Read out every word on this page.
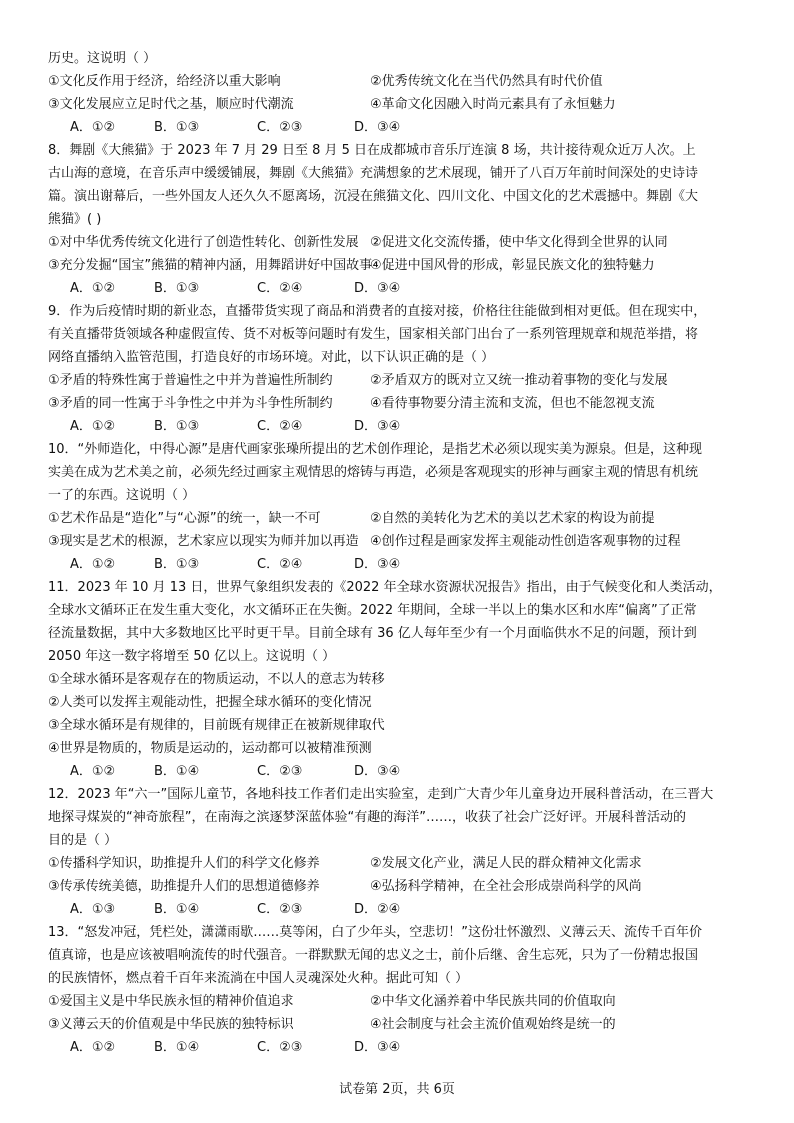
历史。这说明（ ）
①文化反作用于经济，给经济以重大影响	②优秀传统文化在当代仍然具有时代价值
③文化发展应立足时代之基，顺应时代潮流	④革命文化因融入时尚元素具有了永恒魅力
A．①②	B．①③	C．②③	D．③④
8．舞剧《大熊猫》于 2023 年 7 月 29 日至 8 月 5 日在成都城市音乐厅连演 8 场，共计接待观众近万人次。上
古山海的意境，在音乐声中缓缓铺展，舞剧《大熊猫》充满想象的艺术展现，铺开了八百万年前时间深处的史诗诗
篇。演出谢幕后，一些外国友人还久久不愿离场，沉浸在熊猫文化、四川文化、中国文化的艺术震撼中。舞剧《大
熊猫》( )
①对中华优秀传统文化进行了创造性转化、创新性发展 ②促进文化交流传播，使中华文化得到全世界的认同
③充分发掘“国宝”熊猫的精神内涵，用舞蹈讲好中国故事
④促进中国风骨的形成，彰显民族文化的独特魅力
A．①②	B．①③	C．②④	D．③④
9．作为后疫情时期的新业态，直播带货实现了商品和消费者的直接对接，价格往往能做到相对更低。但在现实中，
有关直播带货领域各种虚假宣传、货不对板等问题时有发生，国家相关部门出台了一系列管理规章和规范举措，将
网络直播纳入监管范围，打造良好的市场环境。对此，以下认识正确的是（ ）
①矛盾的特殊性寓于普遍性之中并为普遍性所制约	②矛盾双方的既对立又统一推动着事物的变化与发展
③矛盾的同一性寓于斗争性之中并为斗争性所制约	④看待事物要分清主流和支流，但也不能忽视支流
A．①②	B．①③	C．②④	D．③④
10．“外师造化，中得心源”是唐代画家张璪所提出的艺术创作理论，是指艺术必须以现实美为源泉。但是，这种现
实美在成为艺术美之前，必须先经过画家主观情思的熔铸与再造，必须是客观现实的形神与画家主观的情思有机统
一了的东西。这说明（ ）
①艺术作品是“造化”与“心源”的统一，缺一不可	②自然的美转化为艺术的美以艺术家的构设为前提
③现实是艺术的根源，艺术家应以现实为师并加以再造 ④创作过程是画家发挥主观能动性创造客观事物的过程
A．①②	B．①③	C．②④	D．③④
11．2023 年 10 月 13 日，世界气象组织发表的《2022 年全球水资源状况报告》指出，由于气候变化和人类活动，
全球水文循环正在发生重大变化，水文循环正在失衡。2022 年期间，全球一半以上的集水区和水库“偏离”了正常
径流量数据，其中大多数地区比平时更干旱。目前全球有 36 亿人每年至少有一个月面临供水不足的问题，预计到
2050 年这一数字将增至 50 亿以上。这说明（ ）
①全球水循环是客观存在的物质运动，不以人的意志为转移
②人类可以发挥主观能动性，把握全球水循环的变化情况
③全球水循环是有规律的，目前既有规律正在被新规律取代
④世界是物质的，物质是运动的，运动都可以被精准预测
A．①②	B．①④	C．②③	D．③④
12．2023 年“六一”国际儿童节，各地科技工作者们走出实验室，走到广大青少年儿童身边开展科普活动，在三晋大
地探寻煤炭的“神奇旅程”，在南海之滨逐梦深蓝体验“有趣的海洋”……，收获了社会广泛好评。开展科普活动的
目的是（ ）
①传播科学知识，助推提升人们的科学文化修养	②发展文化产业，满足人民的群众精神文化需求
③传承传统美德，助推提升人们的思想道德修养	④弘扬科学精神，在全社会形成崇尚科学的风尚
A．①③	B．①④	C．②③	D．②④
13．“怒发冲冠，凭栏处，潇潇雨歇……莫等闲，白了少年头，空悲切！”这份壮怀激烈、义薄云天、流传千百年价
值真谛，也是应该被唱响流传的时代强音。一群默默无闻的忠义之士，前仆后继、舍生忘死，只为了一份精忠报国
的民族情怀，燃点着千百年来流淌在中国人灵魂深处火种。据此可知（ ）
①爱国主义是中华民族永恒的精神价值追求	②中华文化涵养着中华民族共同的价值取向
③义薄云天的价值观是中华民族的独特标识	④社会制度与社会主流价值观始终是统一的
A．①②	B．①④	C．②③	D．③④
试卷第 2页，共 6页
